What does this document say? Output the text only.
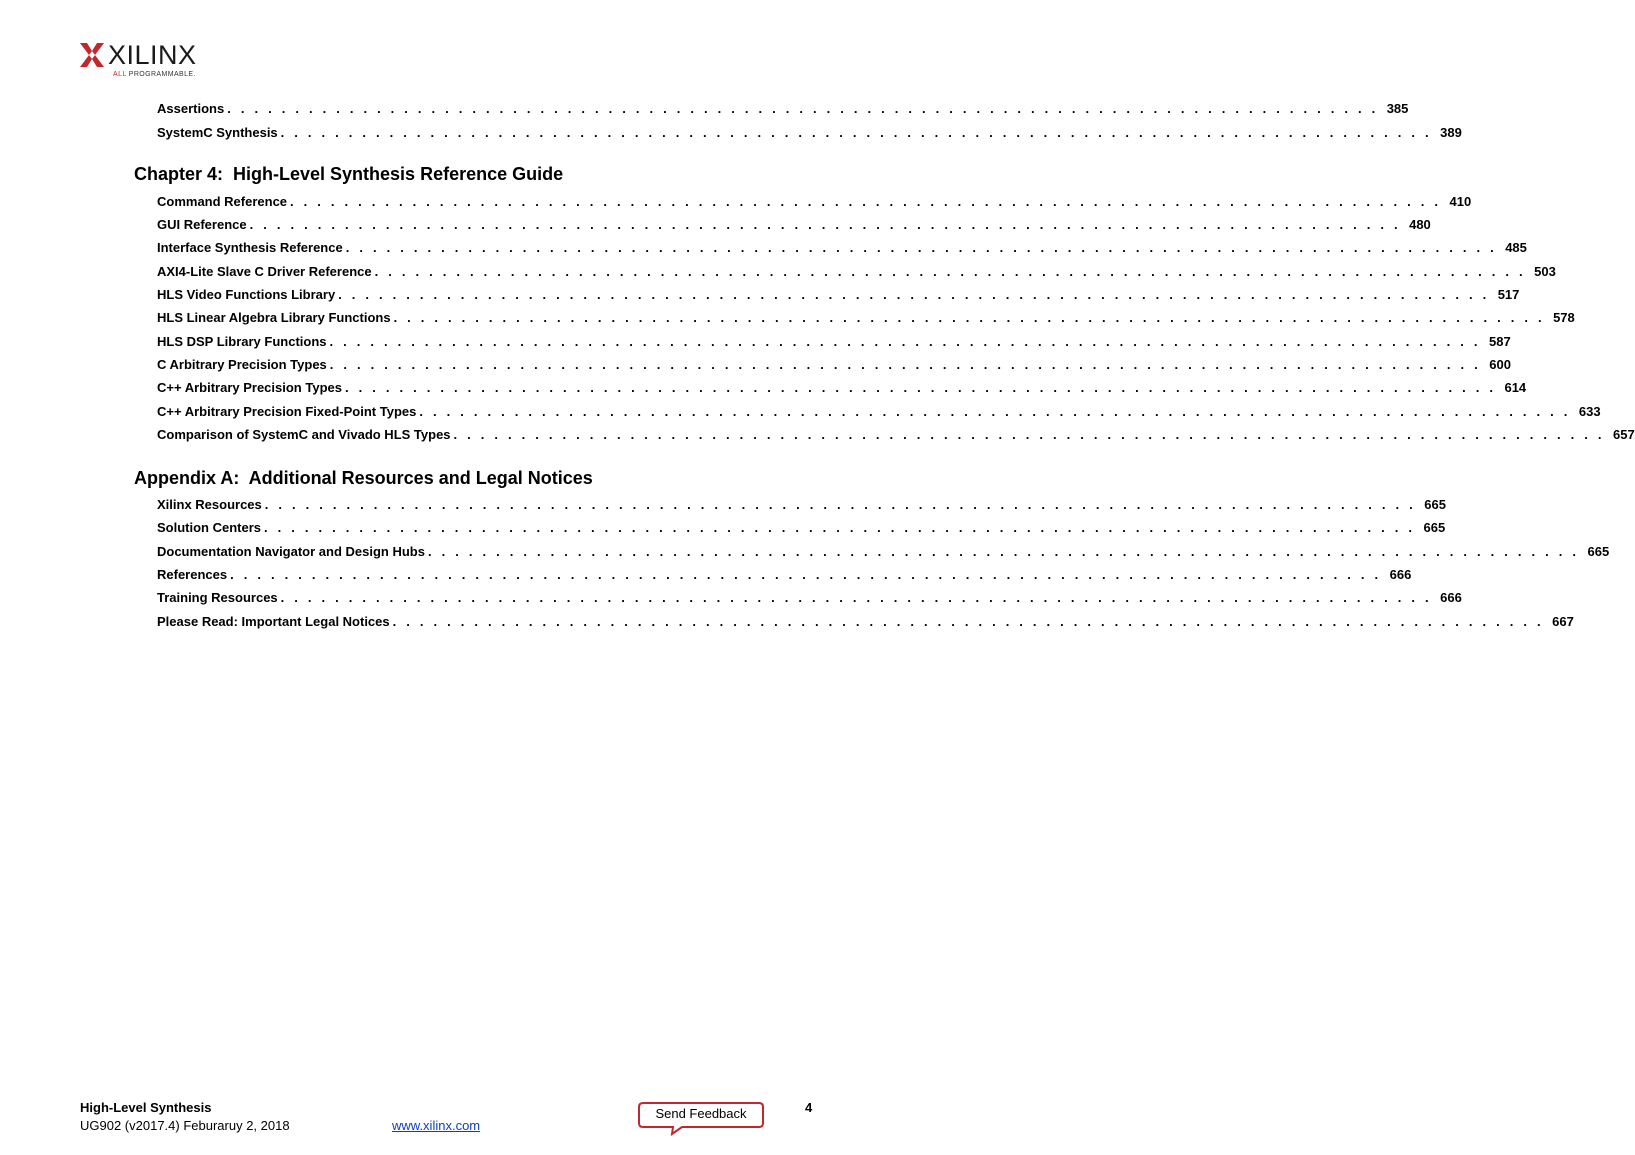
XILINX
ALL PROGRAMMABLE.
Assertions . . . . . . . . . . . . . . . . . . . . . . . . . . . . . . . . . . . . . . . . . . . . . . . . . . . . . . . . . . . . . . . . . . . . . . . . . . . . . . . . . . . . . 385
SystemC Synthesis . . . . . . . . . . . . . . . . . . . . . . . . . . . . . . . . . . . . . . . . . . . . . . . . . . . . . . . . . . . . . . . . . . . . . . . . . . . . . . . . . . . . . 389
Chapter 4:  High-Level Synthesis Reference Guide
Command Reference . . . . . . . . . . . . . . . . . . . . . . . . . . . . . . . . . . . . . . . . . . . . . . . . . . . . . . . . . . . . . . . . . . . . . . . . . . . . . . . . . . . . . 410
GUI Reference . . . . . . . . . . . . . . . . . . . . . . . . . . . . . . . . . . . . . . . . . . . . . . . . . . . . . . . . . . . . . . . . . . . . . . . . . . . . . . . . . . . . . 480
Interface Synthesis Reference . . . . . . . . . . . . . . . . . . . . . . . . . . . . . . . . . . . . . . . . . . . . . . . . . . . . . . . . . . . . . . . . . . . . . . . . . . . . . . . . . . . . . 485
AXI4-Lite Slave C Driver Reference . . . . . . . . . . . . . . . . . . . . . . . . . . . . . . . . . . . . . . . . . . . . . . . . . . . . . . . . . . . . . . . . . . . . . . . . . . . . . . . . . . . . . 503
HLS Video Functions Library . . . . . . . . . . . . . . . . . . . . . . . . . . . . . . . . . . . . . . . . . . . . . . . . . . . . . . . . . . . . . . . . . . . . . . . . . . . . . . . . . . . . . 517
HLS Linear Algebra Library Functions . . . . . . . . . . . . . . . . . . . . . . . . . . . . . . . . . . . . . . . . . . . . . . . . . . . . . . . . . . . . . . . . . . . . . . . . . . . . . . . . . . . . . 578
HLS DSP Library Functions . . . . . . . . . . . . . . . . . . . . . . . . . . . . . . . . . . . . . . . . . . . . . . . . . . . . . . . . . . . . . . . . . . . . . . . . . . . . . . . . . . . . . 587
C Arbitrary Precision Types . . . . . . . . . . . . . . . . . . . . . . . . . . . . . . . . . . . . . . . . . . . . . . . . . . . . . . . . . . . . . . . . . . . . . . . . . . . . . . . . . . . . . 600
C++ Arbitrary Precision Types . . . . . . . . . . . . . . . . . . . . . . . . . . . . . . . . . . . . . . . . . . . . . . . . . . . . . . . . . . . . . . . . . . . . . . . . . . . . . . . . . . . . . 614
C++ Arbitrary Precision Fixed-Point Types . . . . . . . . . . . . . . . . . . . . . . . . . . . . . . . . . . . . . . . . . . . . . . . . . . . . . . . . . . . . . . . . . . . . . . . . . . . . . . . . . . . . . 633
Comparison of SystemC and Vivado HLS Types . . . . . . . . . . . . . . . . . . . . . . . . . . . . . . . . . . . . . . . . . . . . . . . . . . . . . . . . . . . . . . . . . . . . . . . . . . . . . . . . . . . . . 657
Appendix A:  Additional Resources and Legal Notices
Xilinx Resources . . . . . . . . . . . . . . . . . . . . . . . . . . . . . . . . . . . . . . . . . . . . . . . . . . . . . . . . . . . . . . . . . . . . . . . . . . . . . . . . . . . . . 665
Solution Centers . . . . . . . . . . . . . . . . . . . . . . . . . . . . . . . . . . . . . . . . . . . . . . . . . . . . . . . . . . . . . . . . . . . . . . . . . . . . . . . . . . . . . 665
Documentation Navigator and Design Hubs . . . . . . . . . . . . . . . . . . . . . . . . . . . . . . . . . . . . . . . . . . . . . . . . . . . . . . . . . . . . . . . . . . . . . . . . . . . . . . . . . . . . . 665
References . . . . . . . . . . . . . . . . . . . . . . . . . . . . . . . . . . . . . . . . . . . . . . . . . . . . . . . . . . . . . . . . . . . . . . . . . . . . . . . . . . . . . 666
Training Resources . . . . . . . . . . . . . . . . . . . . . . . . . . . . . . . . . . . . . . . . . . . . . . . . . . . . . . . . . . . . . . . . . . . . . . . . . . . . . . . . . . . . . 666
Please Read: Important Legal Notices . . . . . . . . . . . . . . . . . . . . . . . . . . . . . . . . . . . . . . . . . . . . . . . . . . . . . . . . . . . . . . . . . . . . . . . . . . . . . . . . . . . . . 667
High-Level Synthesis
UG902 (v2017.4) Feburaruy 2, 2018	www.xilinx.com
Send Feedback	4
